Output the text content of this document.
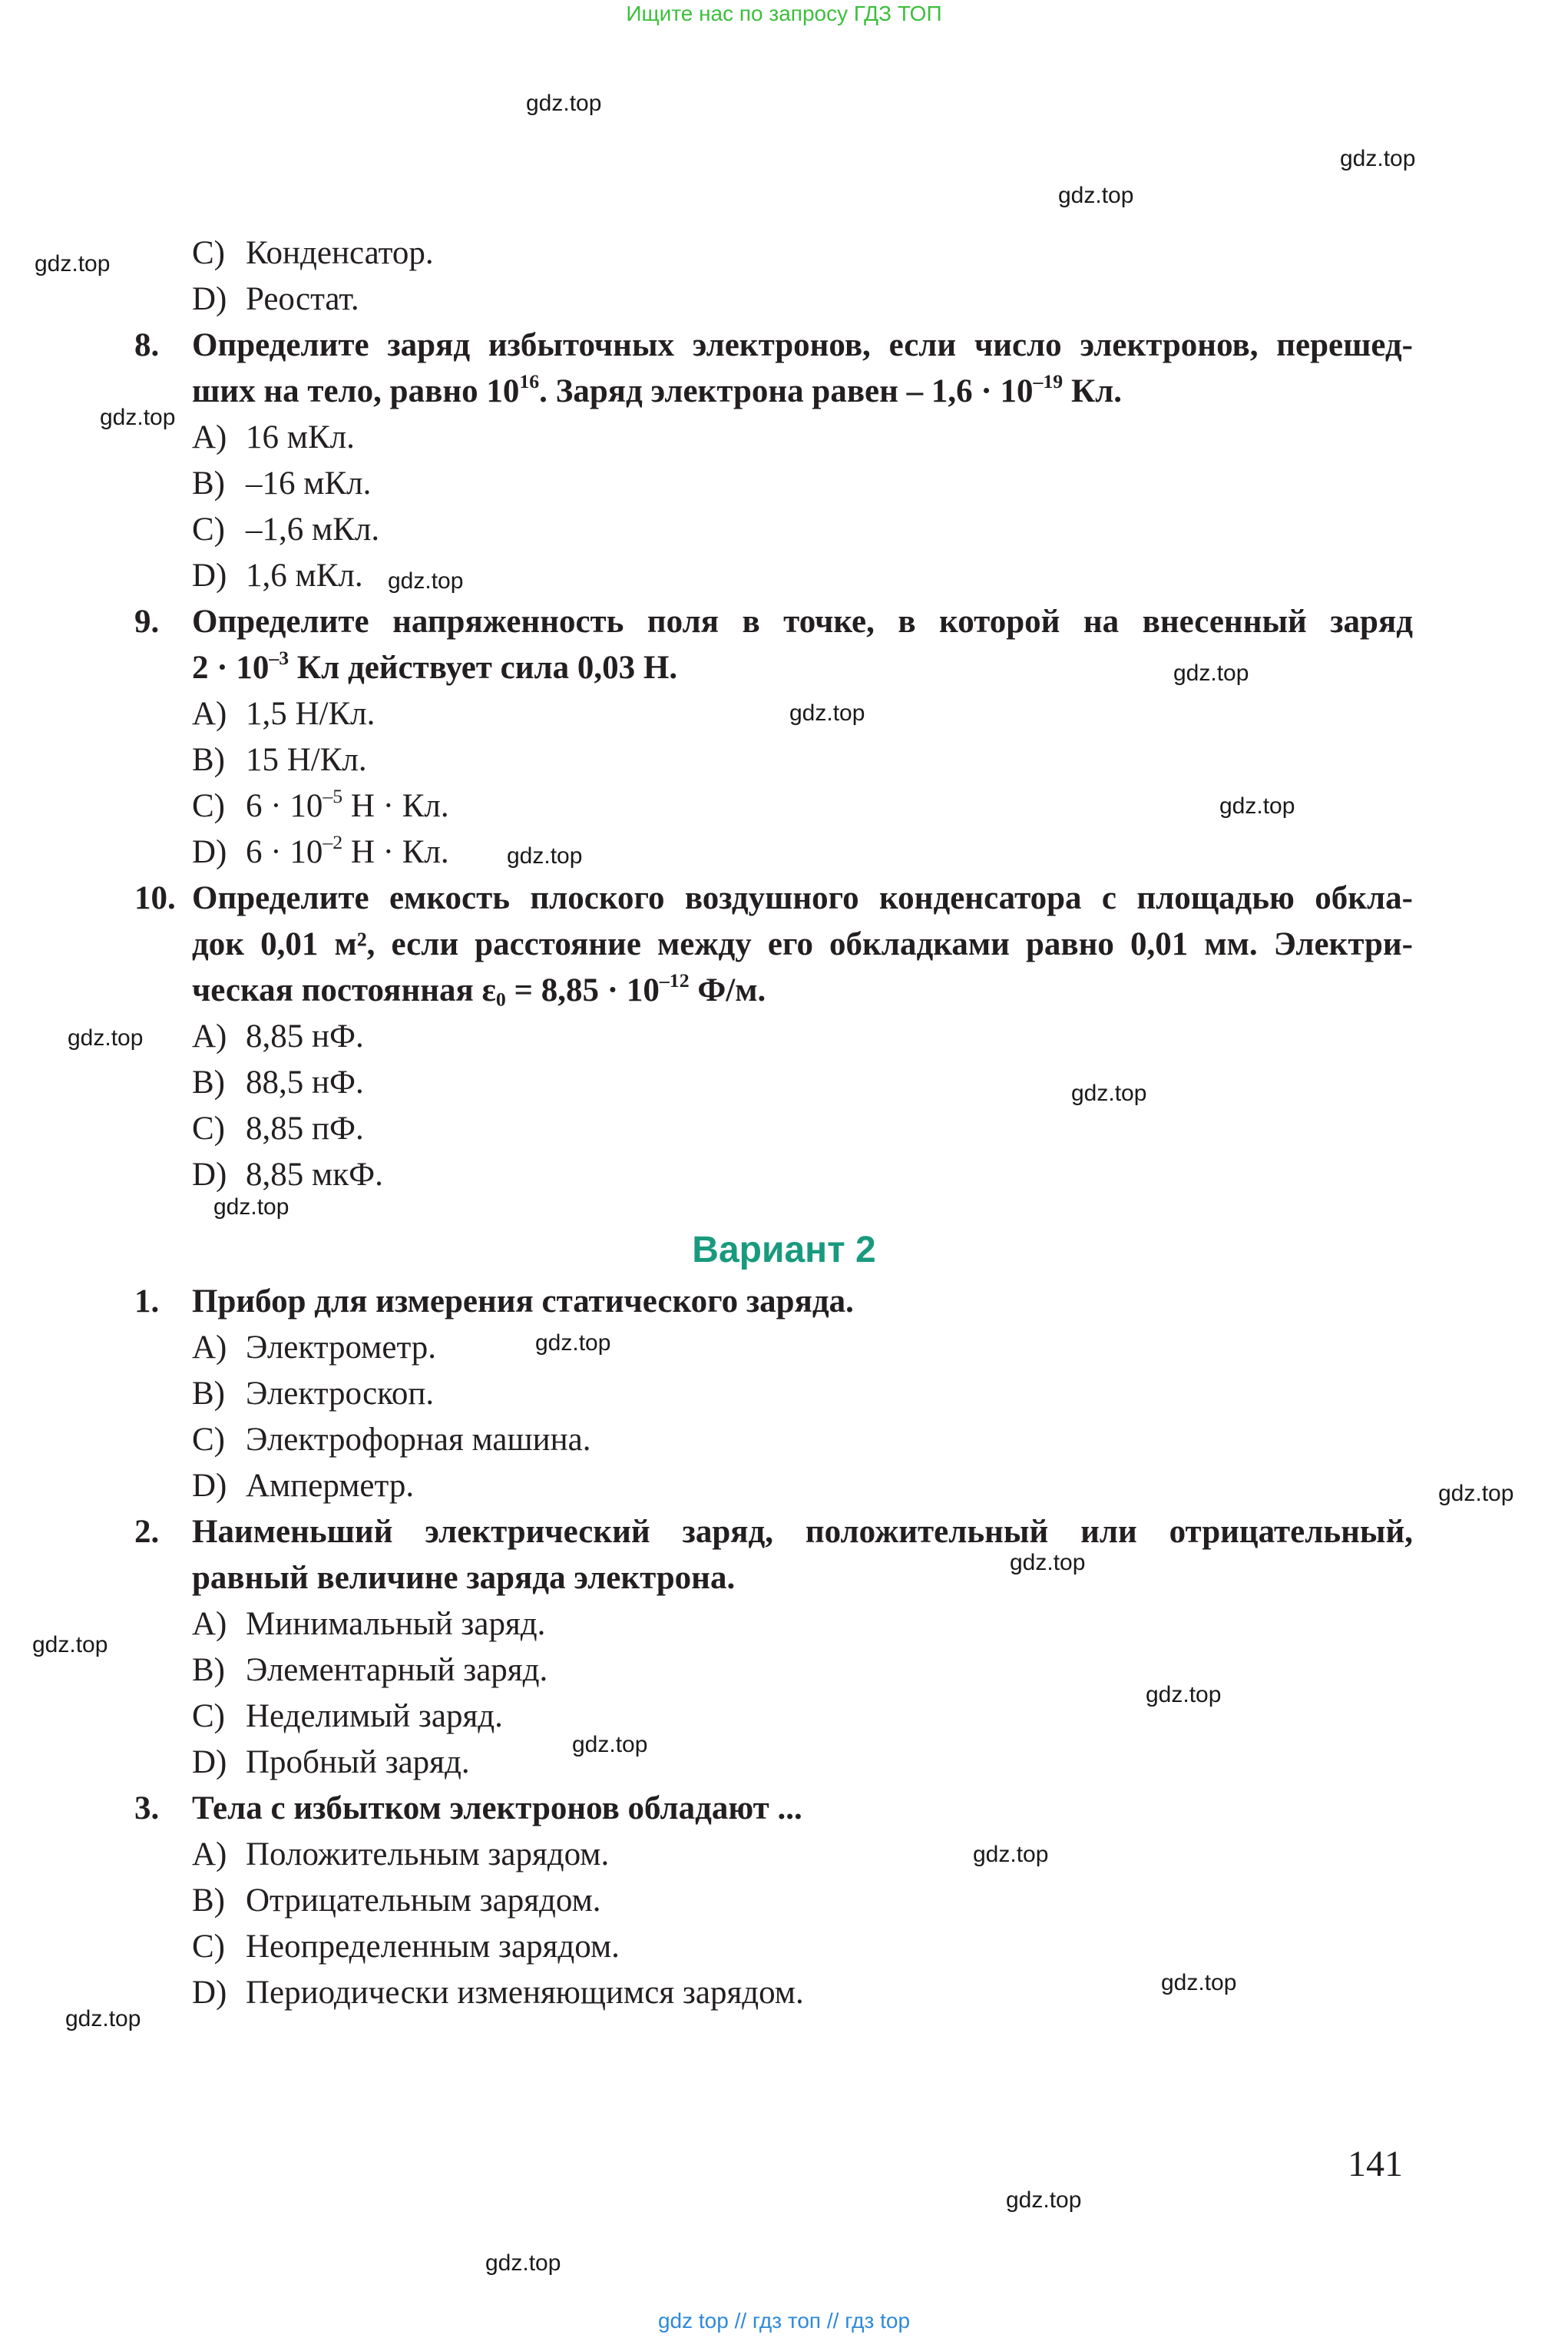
Ищите нас по запросу ГДЗ ТОП
gdz.top
gdz.top
gdz.top
gdz.top
gdz.top
gdz.top
gdz.top
gdz.top
gdz.top
gdz.top
gdz.top
gdz.top
gdz.top
gdz.top
gdz.top
gdz.top
gdz.top
gdz.top
gdz.top
gdz.top
gdz.top
gdz.top
gdz.top
gdz.top
C) Конденсатор.
D) Реостат.
8. Определите заряд избыточных электронов, если число электронов, перешед-
ших на тело, равно $10^{16}$. Заряд электрона равен – $1,6 \cdot 10^{-19}$ Кл.
A) 16 мКл.
B) –16 мКл.
C) –1,6 мКл.
D) 1,6 мКл.
9. Определите напряженность поля в точке, в которой на внесенный заряд
$2 \cdot 10^{-3}$ Кл действует сила 0,03 Н.
A) 1,5 Н/Кл.
B) 15 Н/Кл.
C) $6 \cdot 10^{-5}$ Н · Кл.
D) $6 \cdot 10^{-2}$ Н · Кл.
10. Определите емкость плоского воздушного конденсатора с площадью обкла-
док 0,01 м², если расстояние между его обкладками равно 0,01 мм. Электри-
ческая постоянная $\varepsilon_0 = 8,85 \cdot 10^{-12}$ Ф/м.
A) 8,85 нФ.
B) 88,5 нФ.
C) 8,85 пФ.
D) 8,85 мкФ.
Вариант 2
1. Прибор для измерения статического заряда.
A) Электрометр.
B) Электроскоп.
C) Электрофорная машина.
D) Амперметр.
2. Наименьший электрический заряд, положительный или отрицательный,
равный величине заряда электрона.
A) Минимальный заряд.
B) Элементарный заряд.
C) Неделимый заряд.
D) Пробный заряд.
3. Тела с избытком электронов обладают ...
A) Положительным зарядом.
B) Отрицательным зарядом.
C) Неопределенным зарядом.
D) Периодически изменяющимся зарядом.
141
gdz top // гдз топ // гдз top
